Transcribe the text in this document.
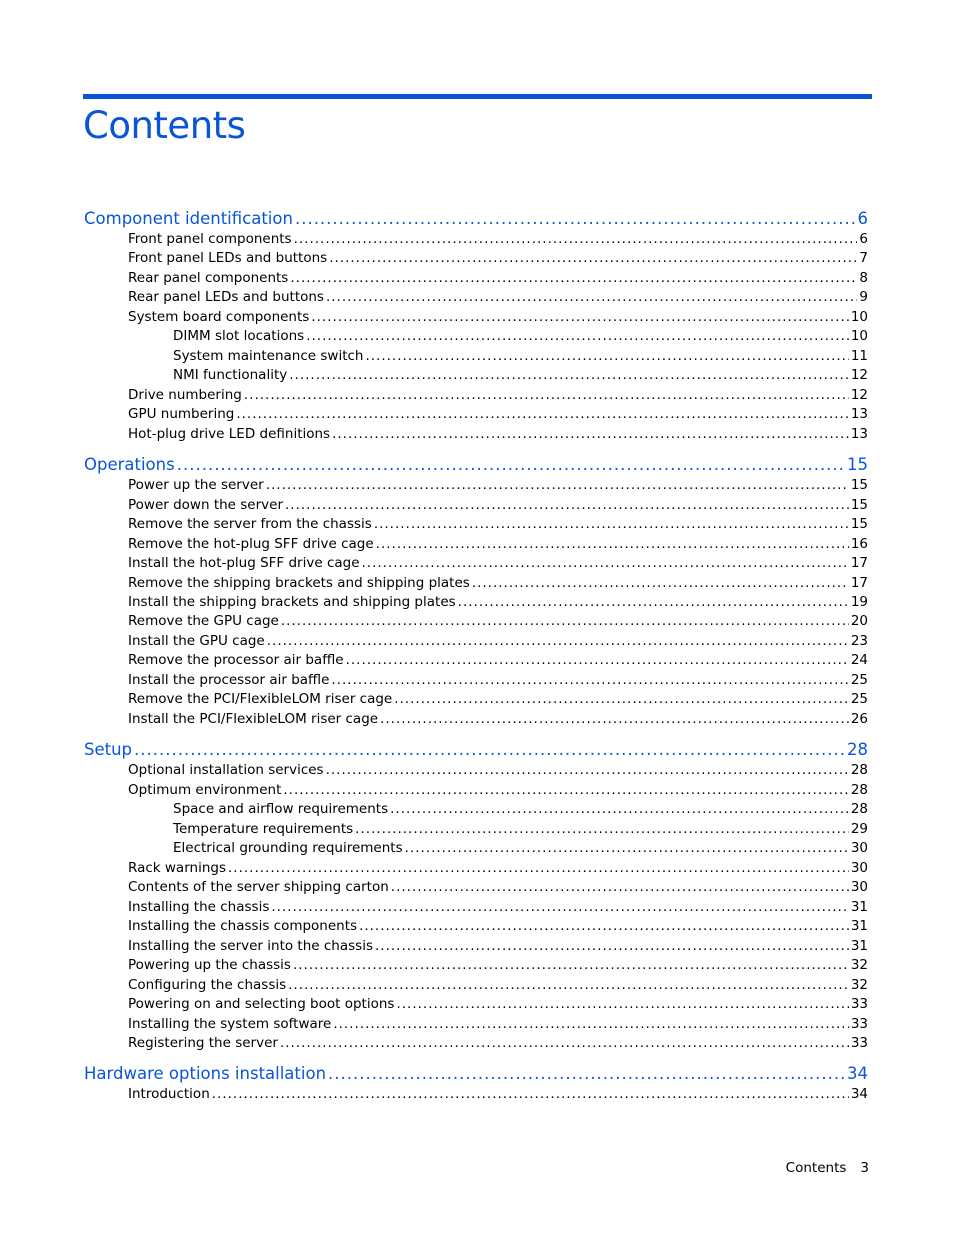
Contents
Component identification .....	6
Front panel components .....	6
Front panel LEDs and buttons .....	7
Rear panel components .....	8
Rear panel LEDs and buttons .....	9
System board components .....	10
DIMM slot locations .....	10
System maintenance switch .....	11
NMI functionality .....	12
Drive numbering .....	12
GPU numbering .....	13
Hot-plug drive LED definitions .....	13
Operations .....	15
Power up the server .....	15
Power down the server .....	15
Remove the server from the chassis .....	15
Remove the hot-plug SFF drive cage .....	16
Install the hot-plug SFF drive cage .....	17
Remove the shipping brackets and shipping plates .....	17
Install the shipping brackets and shipping plates .....	19
Remove the GPU cage .....	20
Install the GPU cage .....	23
Remove the processor air baffle .....	24
Install the processor air baffle .....	25
Remove the PCI/FlexibleLOM riser cage .....	25
Install the PCI/FlexibleLOM riser cage .....	26
Setup .....	28
Optional installation services .....	28
Optimum environment .....	28
Space and airflow requirements .....	28
Temperature requirements .....	29
Electrical grounding requirements .....	30
Rack warnings .....	30
Contents of the server shipping carton .....	30
Installing the chassis .....	31
Installing the chassis components .....	31
Installing the server into the chassis .....	31
Powering up the chassis .....	32
Configuring the chassis .....	32
Powering on and selecting boot options .....	33
Installing the system software .....	33
Registering the server .....	33
Hardware options installation .....	34
Introduction .....	34
Contents 3
